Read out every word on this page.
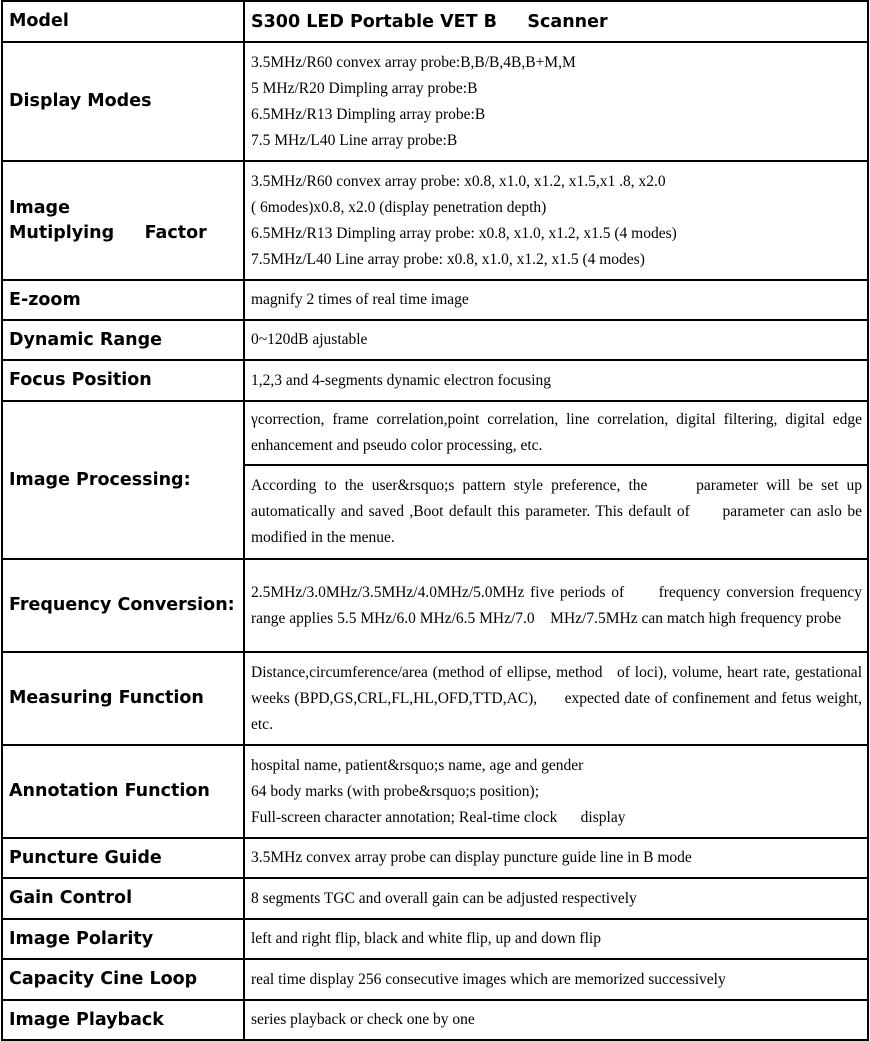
Model	S300 LED Portable VET B     Scanner
Display Modes	3.5MHz/R60 convex array probe:B,B/B,4B,B+M,M
5 MHz/R20 Dimpling array probe:B
6.5MHz/R13 Dimpling array probe:B
7.5 MHz/L40 Line array probe:B

Image
Mutiplying     Factor	3.5MHz/R60 convex array probe: x0.8, x1.0, x1.2, x1.5,x1 .8, x2.0
( 6modes)x0.8, x2.0 (display penetration depth)
6.5MHz/R13 Dimpling array probe: x0.8, x1.0, x1.2, x1.5 (4 modes)
7.5MHz/L40 Line array probe: x0.8, x1.0, x1.2, x1.5 (4 modes)

E-zoom	magnify 2 times of real time image
Dynamic Range	0~120dB ajustable
Focus Position	1,2,3 and 4-segments dynamic electron focusing
Image Processing:	γcorrection, frame correlation,point correlation, line correlation, digital filtering, digital edge enhancement and pseudo color processing, etc.
	According to the user&rsquo;s pattern style preference, the      parameter will be set up automatically and saved ,Boot default this parameter. This default of      parameter can aslo be modified in the menue.
Frequency Conversion:	2.5MHz/3.0MHz/3.5MHz/4.0MHz/5.0MHz five periods of      frequency conversion frequency range applies 5.5 MHz/6.0 MHz/6.5 MHz/7.0    MHz/7.5MHz can match high frequency probe
Measuring Function	Distance,circumference/area (method of ellipse, method   of loci), volume, heart rate, gestational weeks (BPD,GS,CRL,FL,HL,OFD,TTD,AC),      expected date of confinement and fetus weight, etc.
Annotation Function	hospital name, patient&rsquo;s name, age and gender
64 body marks (with probe&rsquo;s position);
Full-screen character annotation; Real-time clock      display

Puncture Guide	3.5MHz convex array probe can display puncture guide line in B mode
Gain Control	8 segments TGC and overall gain can be adjusted respectively
Image Polarity	left and right flip, black and white flip, up and down flip
Capacity Cine Loop	real time display 256 consecutive images which are memorized successively
Image Playback	series playback or check one by one
